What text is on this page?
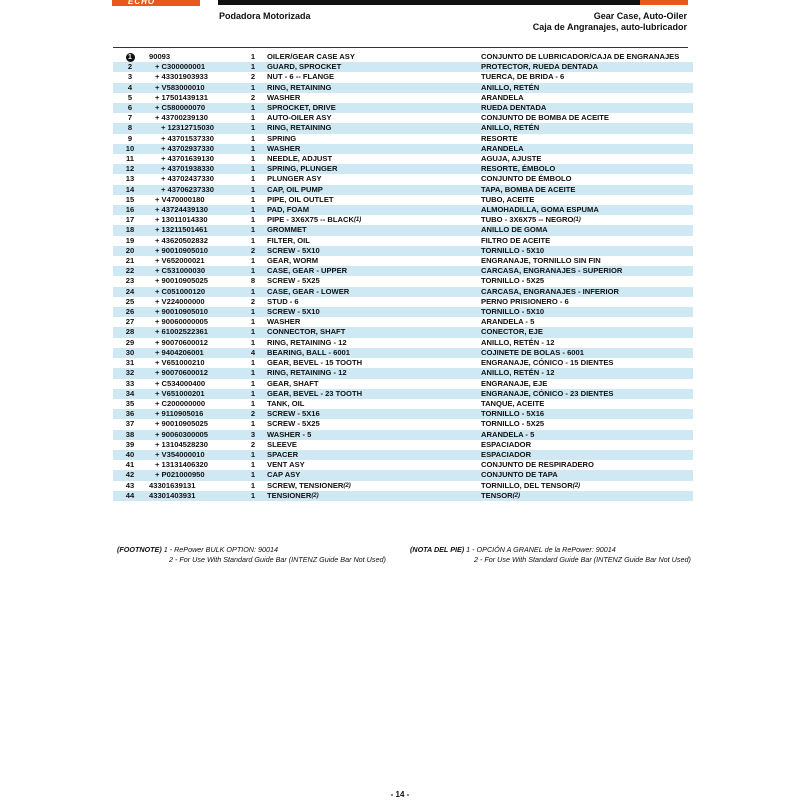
ECHO
Podadora Motorizada	Gear Case, Auto-Oiler
Caja de Angranajes, auto-lubricador
1	90093	1	OILER/GEAR CASE ASY	CONJUNTO DE LUBRICADOR/CAJA DE ENGRANAJES
2	+ C300000001	1	GUARD, SPROCKET	PROTECTOR, RUEDA DENTADA
3	+ 43301903933	2	NUT - 6 -- FLANGE	TUERCA, DE BRIDA - 6
4	+ V583000010	1	RING, RETAINING	ANILLO, RETÉN
5	+ 17501439131	2	WASHER	ARANDELA
6	+ C580000070	1	SPROCKET, DRIVE	RUEDA DENTADA
7	+ 43700239130	1	AUTO-OILER ASY	CONJUNTO DE BOMBA DE ACEITE
8	+ 12312715030	1	RING, RETAINING	ANILLO, RETÉN
9	+ 43701537330	1	SPRING	RESORTE
10	+ 43702937330	1	WASHER	ARANDELA
11	+ 43701639130	1	NEEDLE, ADJUST	AGUJA, AJUSTE
12	+ 43701938330	1	SPRING, PLUNGER	RESORTE, ÉMBOLO
13	+ 43702437330	1	PLUNGER ASY	CONJUNTO DE ÉMBOLO
14	+ 43706237330	1	CAP, OIL PUMP	TAPA, BOMBA DE ACEITE
15	+ V470000180	1	PIPE, OIL OUTLET	TUBO, ACEITE
16	+ 43724439130	1	PAD, FOAM	ALMOHADILLA, GOMA ESPUMA
17	+ 13011014330	1	PIPE - 3X6X75 -- BLACK$^{(1)}$	TUBO - 3X6X75 -- NEGRO$^{(1)}$
18	+ 13211501461	1	GROMMET	ANILLO DE GOMA
19	+ 43620502832	1	FILTER, OIL	FILTRO DE ACEITE
20	+ 90010905010	2	SCREW - 5X10	TORNILLO - 5X10
21	+ V652000021	1	GEAR, WORM	ENGRANAJE, TORNILLO SIN FIN
22	+ C531000030	1	CASE, GEAR - UPPER	CARCASA, ENGRANAJES - SUPERIOR
23	+ 90010905025	8	SCREW - 5X25	TORNILLO - 5X25
24	+ C051000120	1	CASE, GEAR - LOWER	CARCASA, ENGRANAJES - INFERIOR
25	+ V224000000	2	STUD - 6	PERNO PRISIONERO - 6
26	+ 90010905010	1	SCREW - 5X10	TORNILLO - 5X10
27	+ 90060000005	1	WASHER	ARANDELA - 5
28	+ 61002522361	1	CONNECTOR, SHAFT	CONECTOR, EJE
29	+ 90070600012	1	RING, RETAINING - 12	ANILLO, RETÉN - 12
30	+ 9404206001	4	BEARING, BALL - 6001	COJINETE DE BOLAS - 6001
31	+ V651000210	1	GEAR, BEVEL - 15 TOOTH	ENGRANAJE, CÓNICO - 15 DIENTES
32	+ 90070600012	1	RING, RETAINING - 12	ANILLO, RETÉN - 12
33	+ C534000400	1	GEAR, SHAFT	ENGRANAJE, EJE
34	+ V651000201	1	GEAR, BEVEL - 23 TOOTH	ENGRANAJE, CÓNICO - 23 DIENTES
35	+ C200000000	1	TANK, OIL	TANQUE, ACEITE
36	+ 9110905016	2	SCREW - 5X16	TORNILLO - 5X16
37	+ 90010905025	1	SCREW - 5X25	TORNILLO - 5X25
38	+ 90060300005	3	WASHER - 5	ARANDELA - 5
39	+ 13104528230	2	SLEEVE	ESPACIADOR
40	+ V354000010	1	SPACER	ESPACIADOR
41	+ 13131406320	1	VENT ASY	CONJUNTO DE RESPIRADERO
42	+ P021000950	1	CAP ASY	CONJUNTO DE TAPA
43	43301639131	1	SCREW, TENSIONER$^{(2)}$	TORNILLO, DEL TENSOR$^{(2)}$
44	43301403931	1	TENSIONER$^{(2)}$	TENSOR$^{(2)}$
(FOOTNOTE) 1 - RePower BULK OPTION: 90014
2 - For Use With Standard Guide Bar (INTENZ Guide Bar Not Used)
(NOTA DEL PIE) 1 - OPCIÓN A GRANEL de la RePower: 90014
2 - For Use With Standard Guide Bar (INTENZ Guide Bar Not Used)
- 14 -
